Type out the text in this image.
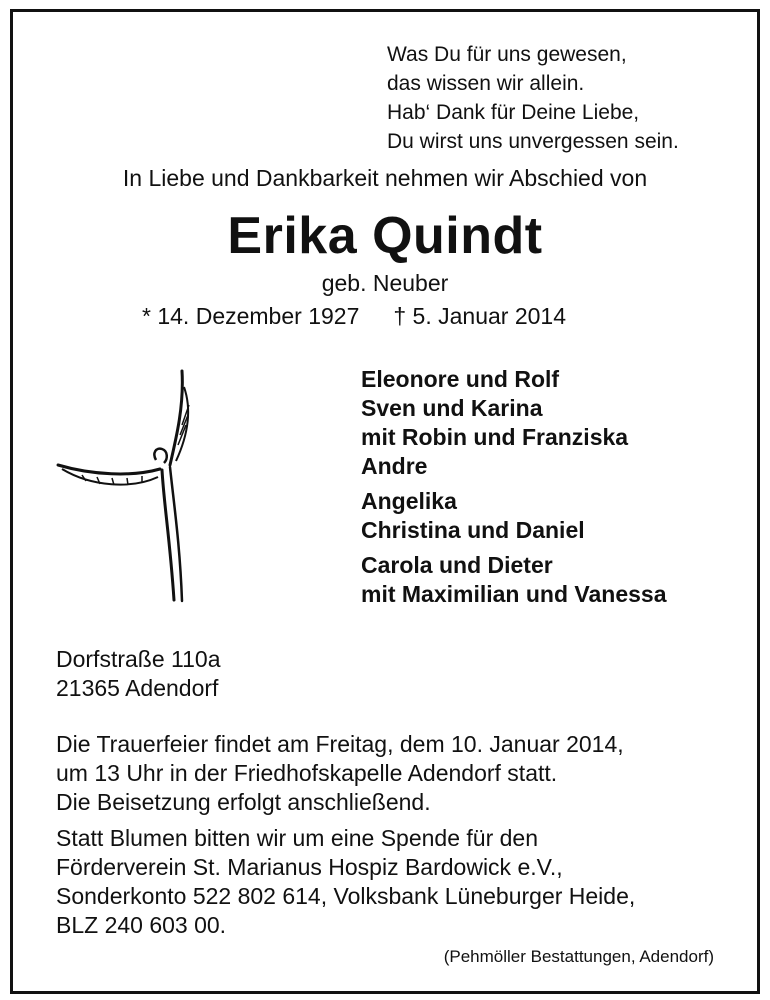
Was Du für uns gewesen,
das wissen wir allein.
Hab‘ Dank für Deine Liebe,
Du wirst uns unvergessen sein.
In Liebe und Dankbarkeit nehmen wir Abschied von
Erika Quindt
geb. Neuber
* 14. Dezember 1927 † 5. Januar 2014
Eleonore und Rolf
Sven und Karina
mit Robin und Franziska
Andre
Angelika
Christina und Daniel
Carola und Dieter
mit Maximilian und Vanessa
Dorfstraße 110a
21365 Adendorf
Die Trauerfeier findet am Freitag, dem 10. Januar 2014,
um 13 Uhr in der Friedhofskapelle Adendorf statt.
Die Beisetzung erfolgt anschließend.
Statt Blumen bitten wir um eine Spende für den
Förderverein St. Marianus Hospiz Bardowick e.V.,
Sonderkonto 522 802 614, Volksbank Lüneburger Heide,
BLZ 240 603 00.
(Pehmöller Bestattungen, Adendorf)
